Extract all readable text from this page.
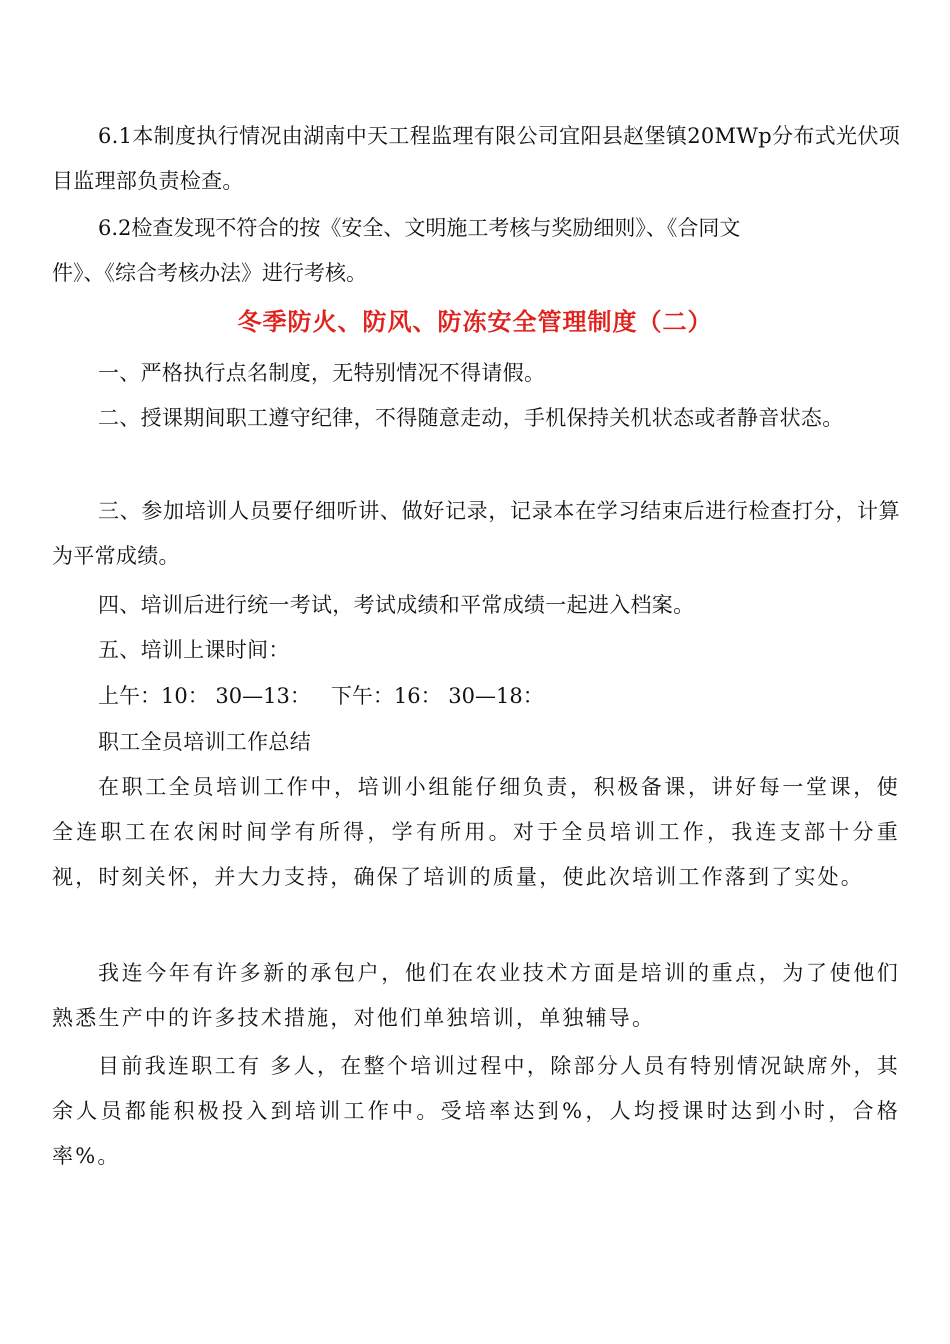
6.1本制度执行情况由湖南中天工程监理有限公司宜阳县赵堡镇20MWp分布式光伏项目监理部负责检查。

6.2检查发现不符合的按《安全、文明施工考核与奖励细则》、《合同文

件》、《综合考核办法》进行考核。

冬季防火、防风、防冻安全管理制度（二）

一、严格执行点名制度，无特别情况不得请假。

二、授课期间职工遵守纪律，不得随意走动，手机保持关机状态或者静音状态。

三、参加培训人员要仔细听讲、做好记录，记录本在学习结束后进行检查打分，计算为平常成绩。

四、培训后进行统一考试，考试成绩和平常成绩一起进入档案。

五、培训上课时间：

上午：10： 30—13：   下午：16： 30—18：

职工全员培训工作总结

在职工全员培训工作中，培训小组能仔细负责，积极备课，讲好每一堂课，使全连职工在农闲时间学有所得，学有所用。对于全员培训工作，我连支部十分重视，时刻关怀，并大力支持，确保了培训的质量，使此次培训工作落到了实处。

我连今年有许多新的承包户，他们在农业技术方面是培训的重点，为了使他们熟悉生产中的许多技术措施，对他们单独培训，单独辅导。

目前我连职工有 多人，在整个培训过程中，除部分人员有特别情况缺席外，其余人员都能积极投入到培训工作中。受培率达到%，人均授课时达到小时，合格率%。
